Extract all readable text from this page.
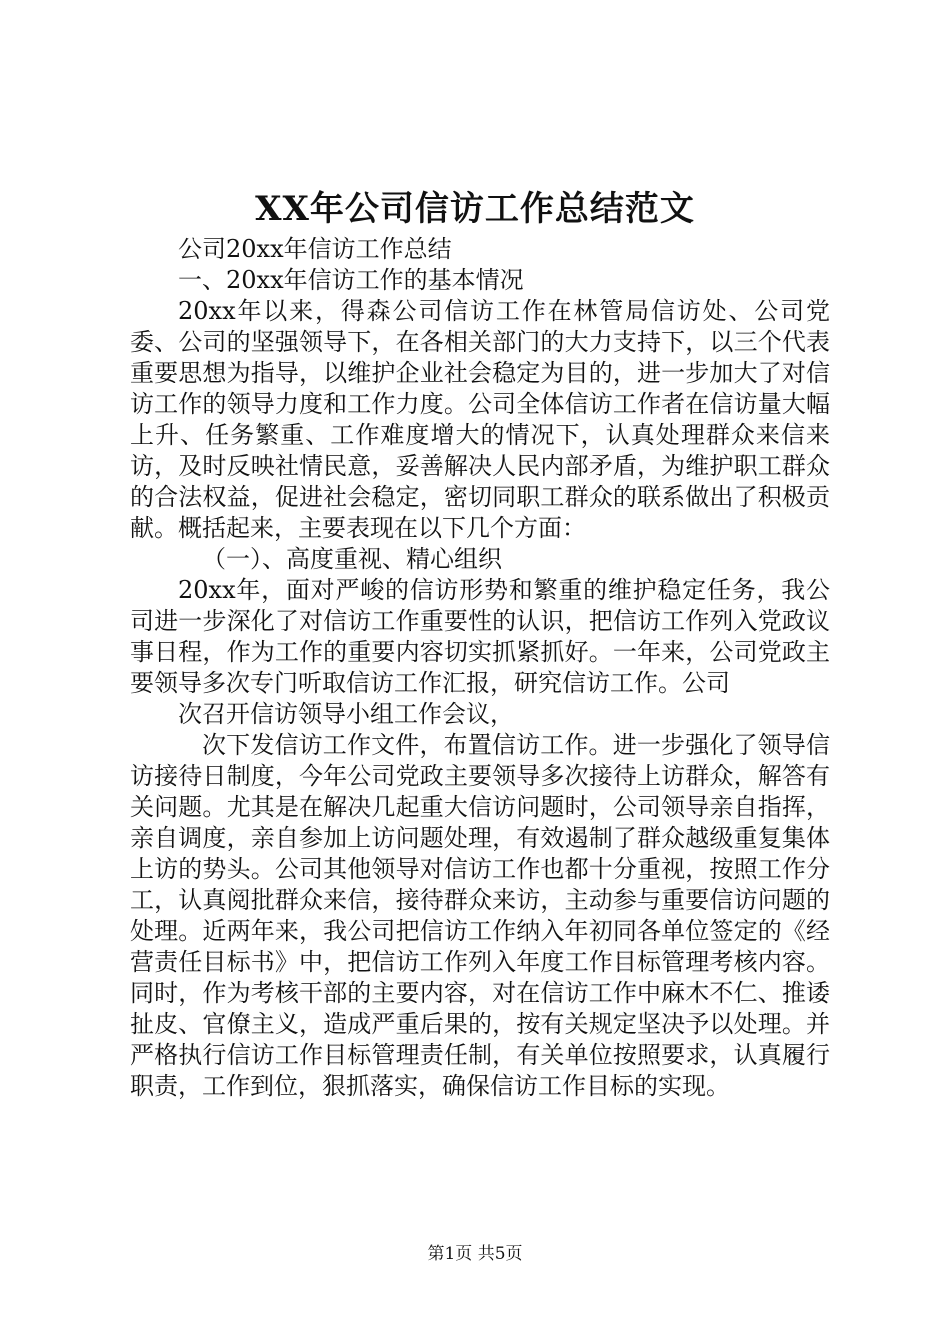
XX年公司信访工作总结范文

公司20xx年信访工作总结

一、20xx年信访工作的基本情况

20xx年以来，得森公司信访工作在林管局信访处、公司党委、公司的坚强领导下，在各相关部门的大力支持下，以三个代表重要思想为指导，以维护企业社会稳定为目的，进一步加大了对信访工作的领导力度和工作力度。公司全体信访工作者在信访量大幅上升、任务繁重、工作难度增大的情况下，认真处理群众来信来访，及时反映社情民意，妥善解决人民内部矛盾，为维护职工群众的合法权益，促进社会稳定，密切同职工群众的联系做出了积极贡献。概括起来，主要表现在以下几个方面：

（一）、高度重视、精心组织

20xx年，面对严峻的信访形势和繁重的维护稳定任务，我公司进一步深化了对信访工作重要性的认识，把信访工作列入党政议事日程，作为工作的重要内容切实抓紧抓好。一年来，公司党政主要领导多次专门听取信访工作汇报，研究信访工作。公司

次召开信访领导小组工作会议，

次下发信访工作文件，布置信访工作。进一步强化了领导信访接待日制度，今年公司党政主要领导多次接待上访群众，解答有关问题。尤其是在解决几起重大信访问题时，公司领导亲自指挥，亲自调度，亲自参加上访问题处理，有效遏制了群众越级重复集体上访的势头。公司其他领导对信访工作也都十分重视，按照工作分工，认真阅批群众来信，接待群众来访，主动参与重要信访问题的处理。近两年来，我公司把信访工作纳入年初同各单位签定的《经营责任目标书》中，把信访工作列入年度工作目标管理考核内容。同时，作为考核干部的主要内容，对在信访工作中麻木不仁、推诿扯皮、官僚主义，造成严重后果的，按有关规定坚决予以处理。并严格执行信访工作目标管理责任制，有关单位按照要求，认真履行职责，工作到位，狠抓落实，确保信访工作目标的实现。

第1页 共5页
